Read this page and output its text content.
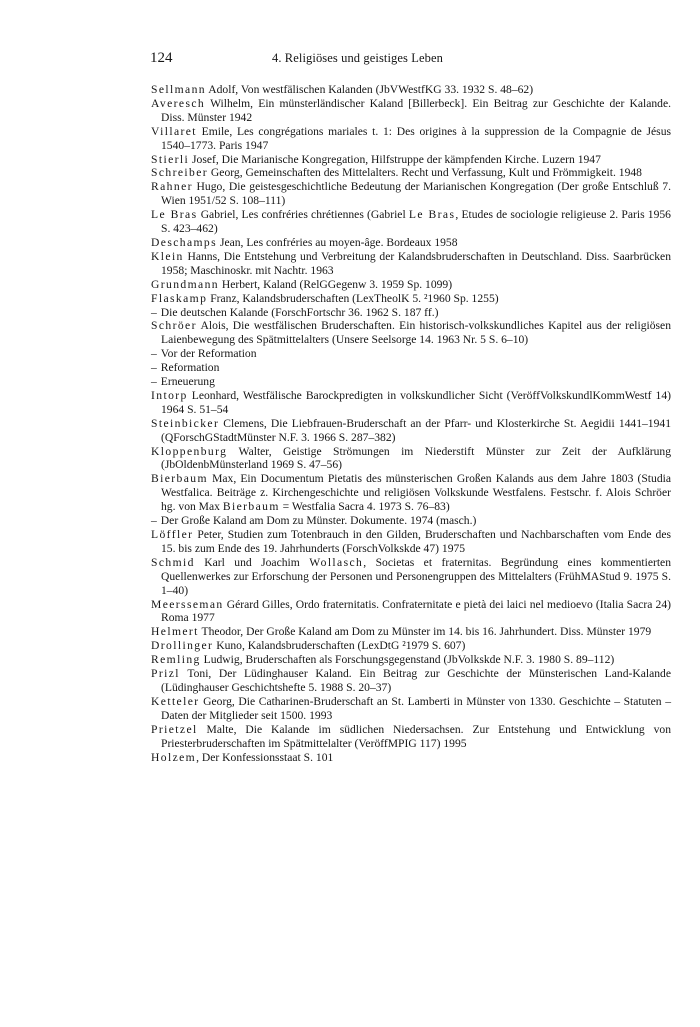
124	4. Religiöses und geistiges Leben
Sellmann Adolf, Von westfälischen Kalanden (JbVWestfKG 33. 1932 S. 48–62)
Averesch Wilhelm, Ein münsterländischer Kaland [Billerbeck]. Ein Beitrag zur Geschichte der Kalande. Diss. Münster 1942
Villaret Emile, Les congrégations mariales t. 1: Des origines à la suppression de la Compagnie de Jésus 1540–1773. Paris 1947
Stierli Josef, Die Marianische Kongregation, Hilfstruppe der kämpfenden Kirche. Luzern 1947
Schreiber Georg, Gemeinschaften des Mittelalters. Recht und Verfassung, Kult und Frömmigkeit. 1948
Rahner Hugo, Die geistesgeschichtliche Bedeutung der Marianischen Kongregation (Der große Entschluß 7. Wien 1951/52 S. 108–111)
Le Bras Gabriel, Les confréries chrétiennes (Gabriel Le Bras, Etudes de sociologie religieuse 2. Paris 1956 S. 423–462)
Deschamps Jean, Les confréries au moyen-âge. Bordeaux 1958
Klein Hanns, Die Entstehung und Verbreitung der Kalandsbruderschaften in Deutschland. Diss. Saarbrücken 1958; Maschinoskr. mit Nachtr. 1963
Grundmann Herbert, Kaland (RelGGegenw 3. 1959 Sp. 1099)
Flaskamp Franz, Kalandsbruderschaften (LexTheolK 5. ²1960 Sp. 1255)
– Die deutschen Kalande (ForschFortschr 36. 1962 S. 187 ff.)
Schröer Alois, Die westfälischen Bruderschaften. Ein historisch-volkskundliches Kapitel aus der religiösen Laienbewegung des Spätmittelalters (Unsere Seelsorge 14. 1963 Nr. 5 S. 6–10)
– Vor der Reformation
– Reformation
– Erneuerung
Intorp Leonhard, Westfälische Barockpredigten in volkskundlicher Sicht (VeröffVolkskundlKommWestf 14) 1964 S. 51–54
Steinbicker Clemens, Die Liebfrauen-Bruderschaft an der Pfarr- und Klosterkirche St. Aegidii 1441–1941 (QForschGStadtMünster N.F. 3. 1966 S. 287–382)
Kloppenburg Walter, Geistige Strömungen im Niederstift Münster zur Zeit der Aufklärung (JbOldenbMünsterland 1969 S. 47–56)
Bierbaum Max, Ein Documentum Pietatis des münsterischen Großen Kalands aus dem Jahre 1803 (Studia Westfalica. Beiträge z. Kirchengeschichte und religiösen Volkskunde Westfalens. Festschr. f. Alois Schröer hg. von Max Bierbaum = Westfalia Sacra 4. 1973 S. 76–83)
– Der Große Kaland am Dom zu Münster. Dokumente. 1974 (masch.)
Löffler Peter, Studien zum Totenbrauch in den Gilden, Bruderschaften und Nachbarschaften vom Ende des 15. bis zum Ende des 19. Jahrhunderts (ForschVolkskde 47) 1975
Schmid Karl und Joachim Wollasch, Societas et fraternitas. Begründung eines kommentierten Quellenwerkes zur Erforschung der Personen und Personengruppen des Mittelalters (FrühMAStud 9. 1975 S. 1–40)
Meersseman Gérard Gilles, Ordo fraternitatis. Confraternitate e pietà dei laici nel medioevo (Italia Sacra 24) Roma 1977
Helmert Theodor, Der Große Kaland am Dom zu Münster im 14. bis 16. Jahrhundert. Diss. Münster 1979
Drollinger Kuno, Kalandsbruderschaften (LexDtG ²1979 S. 607)
Remling Ludwig, Bruderschaften als Forschungsgegenstand (JbVolkskde N.F. 3. 1980 S. 89–112)
Prizl Toni, Der Lüdinghauser Kaland. Ein Beitrag zur Geschichte der Münsterischen Land-Kalande (Lüdinghauser Geschichtshefte 5. 1988 S. 20–37)
Ketteler Georg, Die Catharinen-Bruderschaft an St. Lamberti in Münster von 1330. Geschichte – Statuten – Daten der Mitglieder seit 1500. 1993
Prietzel Malte, Die Kalande im südlichen Niedersachsen. Zur Entstehung und Entwicklung von Priesterbruderschaften im Spätmittelalter (VeröffMPIG 117) 1995
Holzem, Der Konfessionsstaat S. 101
